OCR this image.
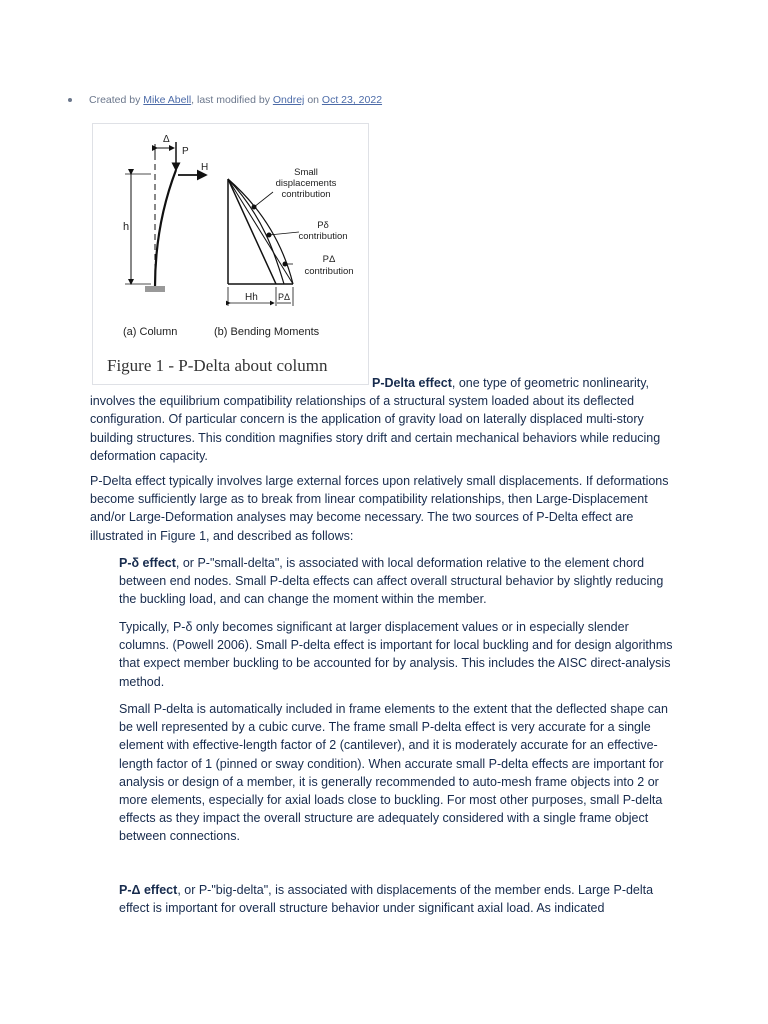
Created by
Mike Abell , last modified by
Ondrej
on
Oct 23, 2022
Δ
P
H
h
Small
displacements
contribution
Pδ
contribution
PΔ
contribution
Hh PΔ
(a) Column	(b) Bending Moments
Figure 1 - P-Delta about column

P-Delta effect, one type of geometric nonlinearity,
involves the equilibrium compatibility relationships of a structural system loaded about its deflected configuration. Of particular concern is the application of gravity load on laterally displaced multi-story building structures. This condition magnifies story drift and certain mechanical behaviors while reducing deformation capacity.

P-Delta effect typically involves large external forces upon relatively small displacements. If deformations become sufficiently large as to break from linear compatibility relationships, then Large-Displacement and/or Large-Deformation analyses may become necessary. The two sources of P-Delta effect are illustrated in Figure 1, and described as follows:

P-δ effect, or P-"small-delta", is associated with local deformation relative to the element chord between end nodes. Small P-delta effects can affect overall structural behavior by slightly reducing the buckling load, and can change the moment within the member.

Typically, P-δ only becomes significant at larger displacement values or in especially slender columns. (Powell 2006). Small P-delta effect is important for local buckling and for design algorithms that expect member buckling to be accounted for by analysis. This includes the AISC direct-analysis method.

Small P-delta is automatically included in frame elements to the extent that the deflected shape can be well represented by a cubic curve. The frame small P-delta effect is very accurate for a single element with effective-length factor of 2 (cantilever), and it is moderately accurate for an effective-length factor of 1 (pinned or sway condition). When accurate small P-delta effects are important for analysis or design of a member, it is generally recommended to auto-mesh frame objects into 2 or more elements, especially for axial loads close to buckling. For most other purposes, small P-delta effects as they impact the overall structure are adequately considered with a single frame object between connections.

P-Δ effect, or P-"big-delta", is associated with displacements of the member ends. Large P-delta effect is important for overall structure behavior under significant axial load. As indicated
